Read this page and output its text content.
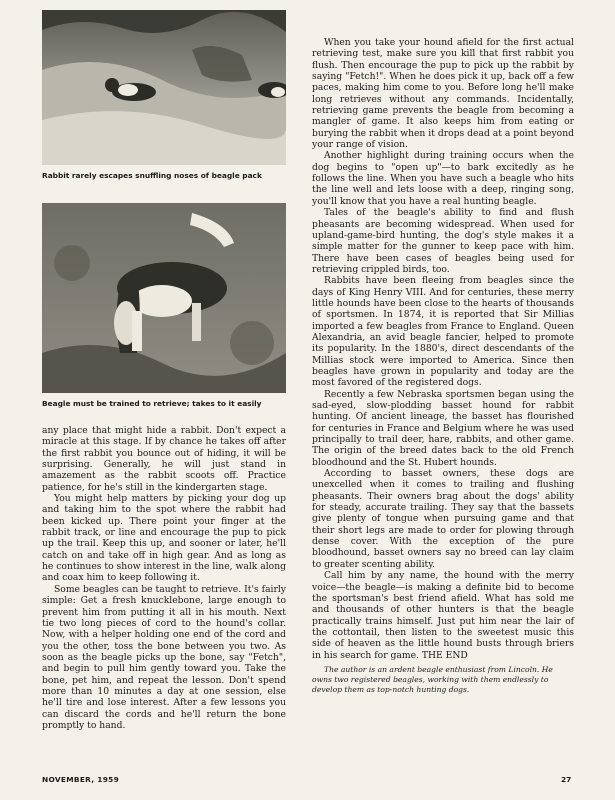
Rabbit rarely escapes snuffling noses of beagle pack
Beagle must be trained to retrieve; takes to it easily

any place that might hide a rabbit. Don't expect a miracle at this stage. If by chance he takes off after the first rabbit you bounce out of hiding, it will be surprising. Generally, he will just stand in amazement as the rabbit scoots off. Practice patience, for he's still in the kindergarten stage.

You might help matters by picking your dog up and taking him to the spot where the rabbit had been kicked up. There point your finger at the rabbit track, or line and encourage the pup to pick up the trail. Keep this up, and sooner or later, he'll catch on and take off in high gear. And as long as he continues to show interest in the line, walk along and coax him to keep following it.

Some beagles can be taught to retrieve. It's fairly simple: Get a fresh knucklebone, large enough to prevent him from putting it all in his mouth. Next tie two long pieces of cord to the hound's collar. Now, with a helper holding one end of the cord and you the other, toss the bone between you two. As soon as the beagle picks up the bone, say "Fetch", and begin to pull him gently toward you. Take the bone, pet him, and repeat the lesson. Don't spend more than 10 minutes a day at one session, else he'll tire and lose interest. After a few lessons you can discard the cords and he'll return the bone promptly to hand.

When you take your hound afield for the first actual retrieving test, make sure you kill that first rabbit you flush. Then encourage the pup to pick up the rabbit by saying "Fetch!". When he does pick it up, back off a few paces, making him come to you. Before long he'll make long retrieves without any commands. Incidentally, retrieving game prevents the beagle from becoming a mangler of game. It also keeps him from eating or burying the rabbit when it drops dead at a point beyond your range of vision.

Another highlight during training occurs when the dog begins to "open up"—to bark excitedly as he follows the line. When you have such a beagle who hits the line well and lets loose with a deep, ringing song, you'll know that you have a real hunting beagle.

Tales of the beagle's ability to find and flush pheasants are becoming widespread. When used for upland-game-bird hunting, the dog's style makes it a simple matter for the gunner to keep pace with him. There have been cases of beagles being used for retrieving crippled birds, too.

Rabbits have been fleeing from beagles since the days of King Henry VIII. And for centuries, these merry little hounds have been close to the hearts of thousands of sportsmen. In 1874, it is reported that Sir Millias imported a few beagles from France to England. Queen Alexandria, an avid beagle fancier, helped to promote its popularity. In the 1880's, direct descendants of the Millias stock were imported to America. Since then beagles have grown in popularity and today are the most favored of the registered dogs.

Recently a few Nebraska sportsmen began using the sad-eyed, slow-plodding basset hound for rabbit hunting. Of ancient lineage, the basset has flourished for centuries in France and Belgium where he was used principally to trail deer, hare, rabbits, and other game. The origin of the breed dates back to the old French bloodhound and the St. Hubert hounds.

According to basset owners, these dogs are unexcelled when it comes to trailing and flushing pheasants. Their owners brag about the dogs' ability for steady, accurate trailing. They say that the bassets give plenty of tongue when pursuing game and that their short legs are made to order for plowing through dense cover. With the exception of the pure bloodhound, basset owners say no breed can lay claim to greater scenting ability.

Call him by any name, the hound with the merry voice—the beagle—is making a definite bid to become the sportsman's best friend afield. What has sold me and thousands of other hunters is that the beagle practically trains himself. Just put him near the lair of the cottontail, then listen to the sweetest music this side of heaven as the little hound busts through briers in his search for game. THE END

The author is an ardent beagle enthusiast from Lincoln. He owns two registered beagles, working with them endlessly to develop them as top-notch hunting dogs.
NOVEMBER, 1959	27
